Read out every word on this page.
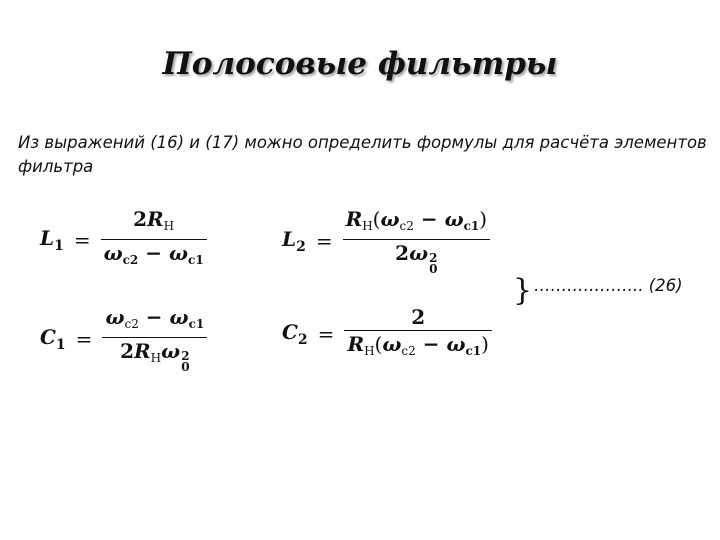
Полосовые фильтры
Из выражений (16) и (17) можно определить формулы для расчёта элементов фильтра
$L_1 = \frac{2R_Н}{\omega_{c2} - \omega_{c1}}$	$L_2 = R_Н(\omega_{c2} - \omega_{c1})$
2ω 2
0
$C_1 = \omega_{c2} - \omega_{c1}$
$2R_Н\omega$ 2
0	$C_2 = \frac{2}{R_Н(\omega_{c2} - \omega_{c1})}$
} ……………….. (26)
